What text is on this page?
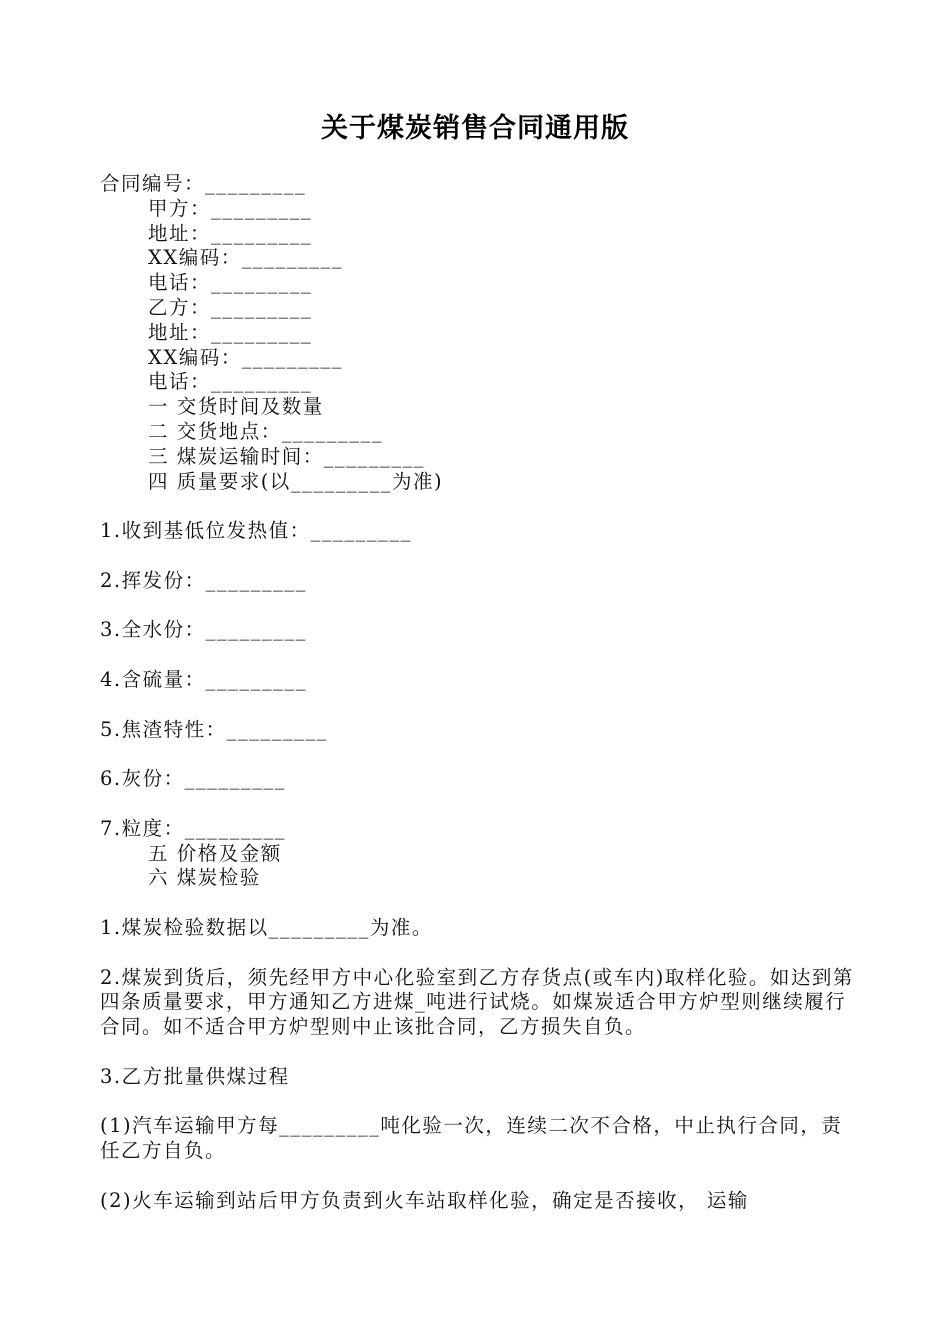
关于煤炭销售合同通用版
合同编号：_________
甲方：_________
地址：_________
XX编码：_________
电话：_________
乙方：_________
地址：_________
XX编码：_________
电话：_________
一 交货时间及数量
二 交货地点：_________
三 煤炭运输时间：_________
四 质量要求(以_________为准)
1.收到基低位发热值：_________
2.挥发份：_________
3.全水份：_________
4.含硫量：_________
5.焦渣特性：_________
6.灰份：_________
7.粒度：_________
五 价格及金额
六 煤炭检验
1.煤炭检验数据以_________为准。
2.煤炭到货后，须先经甲方中心化验室到乙方存货点(或车内)取样化验。如达到第四条质量要求，甲方通知乙方进煤_吨进行试烧。如煤炭适合甲方炉型则继续履行合同。如不适合甲方炉型则中止该批合同，乙方损失自负。
3.乙方批量供煤过程
(1)汽车运输甲方每_________吨化验一次，连续二次不合格，中止执行合同，责任乙方自负。
(2)火车运输到站后甲方负责到火车站取样化验，确定是否接收， 运输
